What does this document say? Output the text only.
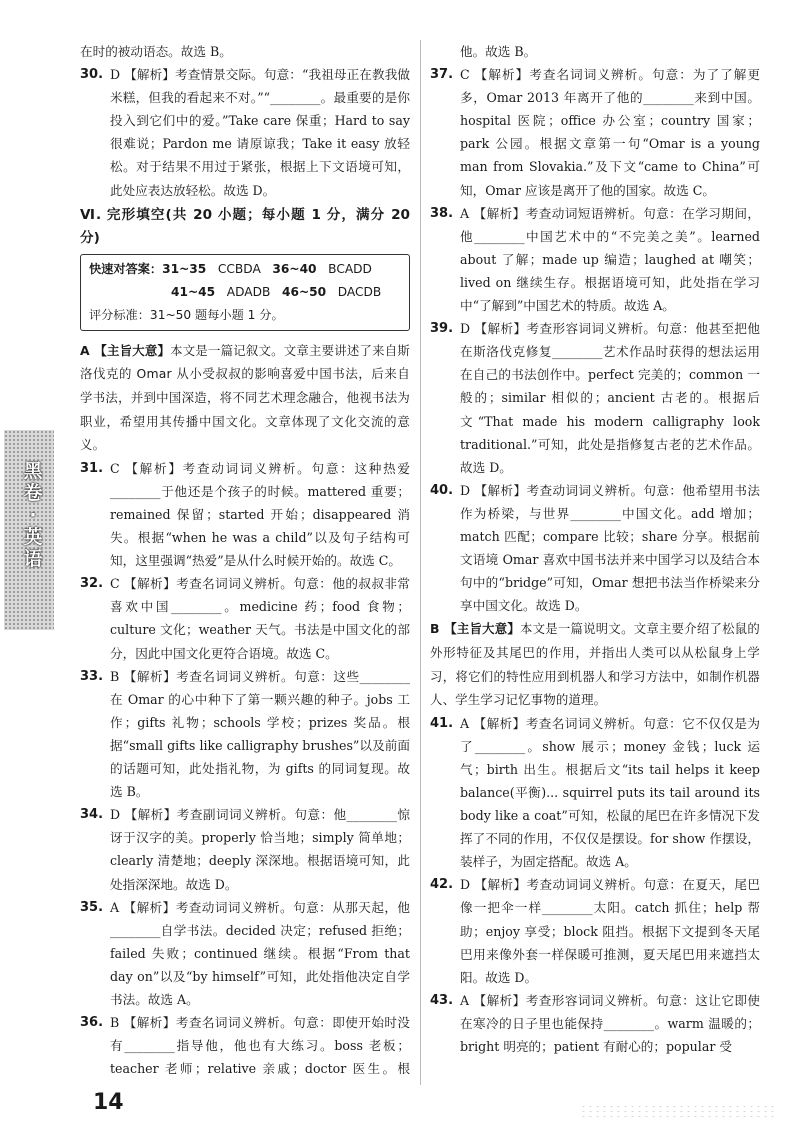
黑卷·英语

在时的被动语态。故选 B。

30. D 【解析】考查情景交际。句意：“我祖母正在教我做米糕，但我的看起来不对。”“________。最重要的是你投入到它们中的爱。”Take care 保重；Hard to say 很难说；Pardon me 请原谅我；Take it easy 放轻松。对于结果不用过于紧张，根据上下文语境可知，此处应表达放轻松。故选 D。
Ⅵ. 完形填空(共 20 小题；每小题 1 分，满分 20 分)
快速对答案：31~35 CCBDA 36~40 BCADD
41~45 ADADB 46~50 DACDB
评分标准：31~50 题每小题 1 分。

A 【主旨大意】本文是一篇记叙文。文章主要讲述了来自斯洛伐克的 Omar 从小受叔叔的影响喜爱中国书法，后来自学书法，并到中国深造，将不同艺术理念融合，他视书法为职业，希望用其传播中国文化。文章体现了文化交流的意义。

31. C 【解析】考查动词词义辨析。句意：这种热爱________于他还是个孩子的时候。mattered 重要；remained 保留；started 开始；disappeared 消失。根据“when he was a child”以及句子结构可知，这里强调“热爱”是从什么时候开始的。故选 C。
32. C 【解析】考查名词词义辨析。句意：他的叔叔非常喜欢中国________。medicine 药；food 食物；culture 文化；weather 天气。书法是中国文化的部分，因此中国文化更符合语境。故选 C。
33. B 【解析】考查名词词义辨析。句意：这些________在 Omar 的心中种下了第一颗兴趣的种子。jobs 工作；gifts 礼物；schools 学校；prizes 奖品。根据“small gifts like calligraphy brushes”以及前面的话题可知，此处指礼物，为 gifts 的同词复现。故选 B。
34. D 【解析】考查副词词义辨析。句意：他________惊讶于汉字的美。properly 恰当地；simply 简单地；clearly 清楚地；deeply 深深地。根据语境可知，此处指深深地。故选 D。
35. A 【解析】考查动词词义辨析。句意：从那天起，他________自学书法。decided 决定；refused 拒绝；failed 失败；continued 继续。根据“From that day on”以及“by himself”可知，此处指他决定自学书法。故选 A。
36. B 【解析】考查名词词义辨析。句意：即使开始时没有________指导他，他也有大练习。boss 老板；teacher 老师；relative 亲戚；doctor 医生。根

他。故选 B。

37. C 【解析】考查名词词义辨析。句意：为了了解更多，Omar 2013 年离开了他的________来到中国。hospital 医院；office 办公室；country 国家；park 公园。根据文章第一句“Omar is a young man from Slovakia.”及下文“came to China”可知，Omar 应该是离开了他的国家。故选 C。
38. A 【解析】考查动词短语辨析。句意：在学习期间，他________中国艺术中的“不完美之美”。learned about 了解；made up 编造；laughed at 嘲笑；lived on 继续生存。根据语境可知，此处指在学习中“了解到”中国艺术的特质。故选 A。
39. D 【解析】考查形容词词义辨析。句意：他甚至把他在斯洛伐克修复________艺术作品时获得的想法运用在自己的书法创作中。perfect 完美的；common 一般的；similar 相似的；ancient 古老的。根据后文“That made his modern calligraphy look traditional.”可知，此处是指修复古老的艺术作品。故选 D。
40. D 【解析】考查动词词义辨析。句意：他希望用书法作为桥梁，与世界________中国文化。add 增加；match 匹配；compare 比较；share 分享。根据前文语境 Omar 喜欢中国书法并来中国学习以及结合本句中的“bridge”可知，Omar 想把书法当作桥梁来分享中国文化。故选 D。

B 【主旨大意】本文是一篇说明文。文章主要介绍了松鼠的外形特征及其尾巴的作用，并指出人类可以从松鼠身上学习，将它们的特性应用到机器人和学习方法中，如制作机器人、学生学习记忆事物的道理。

41. A 【解析】考查名词词义辨析。句意：它不仅仅是为了________。show 展示；money 金钱；luck 运气；birth 出生。根据后文“its tail helps it keep balance(平衡)... squirrel puts its tail around its body like a coat”可知，松鼠的尾巴在许多情况下发挥了不同的作用，不仅仅是摆设。for show 作摆设，装样子，为固定搭配。故选 A。
42. D 【解析】考查动词词义辨析。句意：在夏天，尾巴像一把伞一样________太阳。catch 抓住；help 帮助；enjoy 享受；block 阻挡。根据下文提到冬天尾巴用来像外套一样保暖可推测，夏天尾巴用来遮挡太阳。故选 D。
43. A 【解析】考查形容词词义辨析。句意：这让它即使在寒冷的日子里也能保持________。warm 温暖的；bright 明亮的；patient 有耐心的；popular 受
14
